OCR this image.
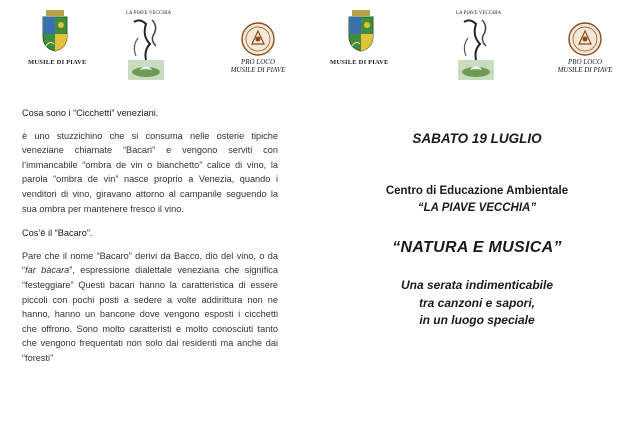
MUSILE DI PIAVE
LA PIAVE VECCHIA
PRO LOCO
MUSILE DI PIAVE
MUSILE DI PIAVE
LA PIAVE VECCHIA
PRO LOCO
MUSILE DI PIAVE

Cosa sono i “Cicchetti” veneziani.

è uno stuzzichino che si consuma nelle osterie tipiche veneziane chiamate “Bacari” e vengono serviti con l’immancabile “ombra de vin o bianchetto” calice di vino, la parola “ombra de vin” nasce proprio a Venezia, quando i venditori di vino, giravano attorno al campanile seguendo la sua ombra per mantenere fresco il vino.

Cos’è il “Bacaro”.

Pare che il nome “Bacaro” derivi da Bacco, dio del vino, o da “far bàcara”, espressione dialettale veneziana che significa “festeggiare” Questi bacari hanno la caratteristica di essere piccoli con pochi posti a sedere a volte addirittura non ne hanno, hanno un bancone dove vengono esposti i cicchetti che offrono. Sono molto caratteristi e molto conosciuti tanto che vengono frequentati non solo dai residenti ma anche dai “foresti”

SABATO 19 LUGLIO
Centro di Educazione Ambientale
“LA PIAVE VECCHIA”
“NATURA E MUSICA”
Una serata indimenticabile
tra canzoni e sapori,
in un luogo speciale
